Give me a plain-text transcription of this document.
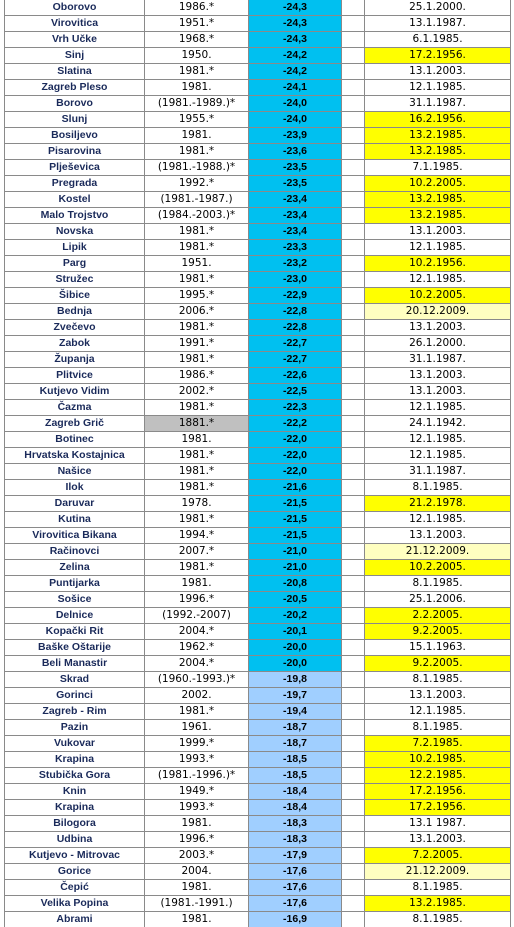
Oborovo	1986.*	-24,3		25.1.2000.
Virovitica	1951.*	-24,3		13.1.1987.
Vrh Učke	1968.*	-24,3		6.1.1985.
Sinj	1950.	-24,2		17.2.1956.
Slatina	1981.*	-24,2		13.1.2003.
Zagreb Pleso	1981.	-24,1		12.1.1985.
Borovo	(1981.-1989.)*	-24,0		31.1.1987.
Slunj	1955.*	-24,0		16.2.1956.
Bosiljevo	1981.	-23,9		13.2.1985.
Pisarovina	1981.*	-23,6		13.2.1985.
Plješevica	(1981.-1988.)*	-23,5		7.1.1985.
Pregrada	1992.*	-23,5		10.2.2005.
Kostel	(1981.-1987.)	-23,4		13.2.1985.
Malo Trojstvo	(1984.-2003.)*	-23,4		13.2.1985.
Novska	1981.*	-23,4		13.1.2003.
Lipik	1981.*	-23,3		12.1.1985.
Parg	1951.	-23,2		10.2.1956.
Stružec	1981.*	-23,0		12.1.1985.
Šibice	1995.*	-22,9		10.2.2005.
Bednja	2006.*	-22,8		20.12.2009.
Zvečevo	1981.*	-22,8		13.1.2003.
Zabok	1991.*	-22,7		26.1.2000.
Županja	1981.*	-22,7		31.1.1987.
Plitvice	1986.*	-22,6		13.1.2003.
Kutjevo Vidim	2002.*	-22,5		13.1.2003.
Čazma	1981.*	-22,3		12.1.1985.
Zagreb Grič	1881.*	-22,2		24.1.1942.
Botinec	1981.	-22,0		12.1.1985.
Hrvatska Kostajnica	1981.*	-22,0		12.1.1985.
Našice	1981.*	-22,0		31.1.1987.
Ilok	1981.*	-21,6		8.1.1985.
Daruvar	1978.	-21,5		21.2.1978.
Kutina	1981.*	-21,5		12.1.1985.
Virovitica Bikana	1994.*	-21,5		13.1.2003.
Račinovci	2007.*	-21,0		21.12.2009.
Zelina	1981.*	-21,0		10.2.2005.
Puntijarka	1981.	-20,8		8.1.1985.
Sošice	1996.*	-20,5		25.1.2006.
Delnice	(1992.-2007)	-20,2		2.2.2005.
Kopački Rit	2004.*	-20,1		9.2.2005.
Baške Oštarije	1962.*	-20,0		15.1.1963.
Beli Manastir	2004.*	-20,0		9.2.2005.
Skrad	(1960.-1993.)*	-19,8		8.1.1985.
Gorinci	2002.	-19,7		13.1.2003.
Zagreb - Rim	1981.*	-19,4		12.1.1985.
Pazin	1961.	-18,7		8.1.1985.
Vukovar	1999.*	-18,7		7.2.1985.
Krapina	1993.*	-18,5		10.2.1985.
Stubička Gora	(1981.-1996.)*	-18,5		12.2.1985.
Knin	1949.*	-18,4		17.2.1956.
Krapina	1993.*	-18,4		17.2.1956.
Bilogora	1981.	-18,3		13.1 1987.
Udbina	1996.*	-18,3		13.1.2003.
Kutjevo - Mitrovac	2003.*	-17,9		7.2.2005.
Gorice	2004.	-17,6		21.12.2009.
Čepić	1981.	-17,6		8.1.1985.
Velika Popina	(1981.-1991.)	-17,6		13.2.1985.
Abrami	1981.	-16,9		8.1.1985.
